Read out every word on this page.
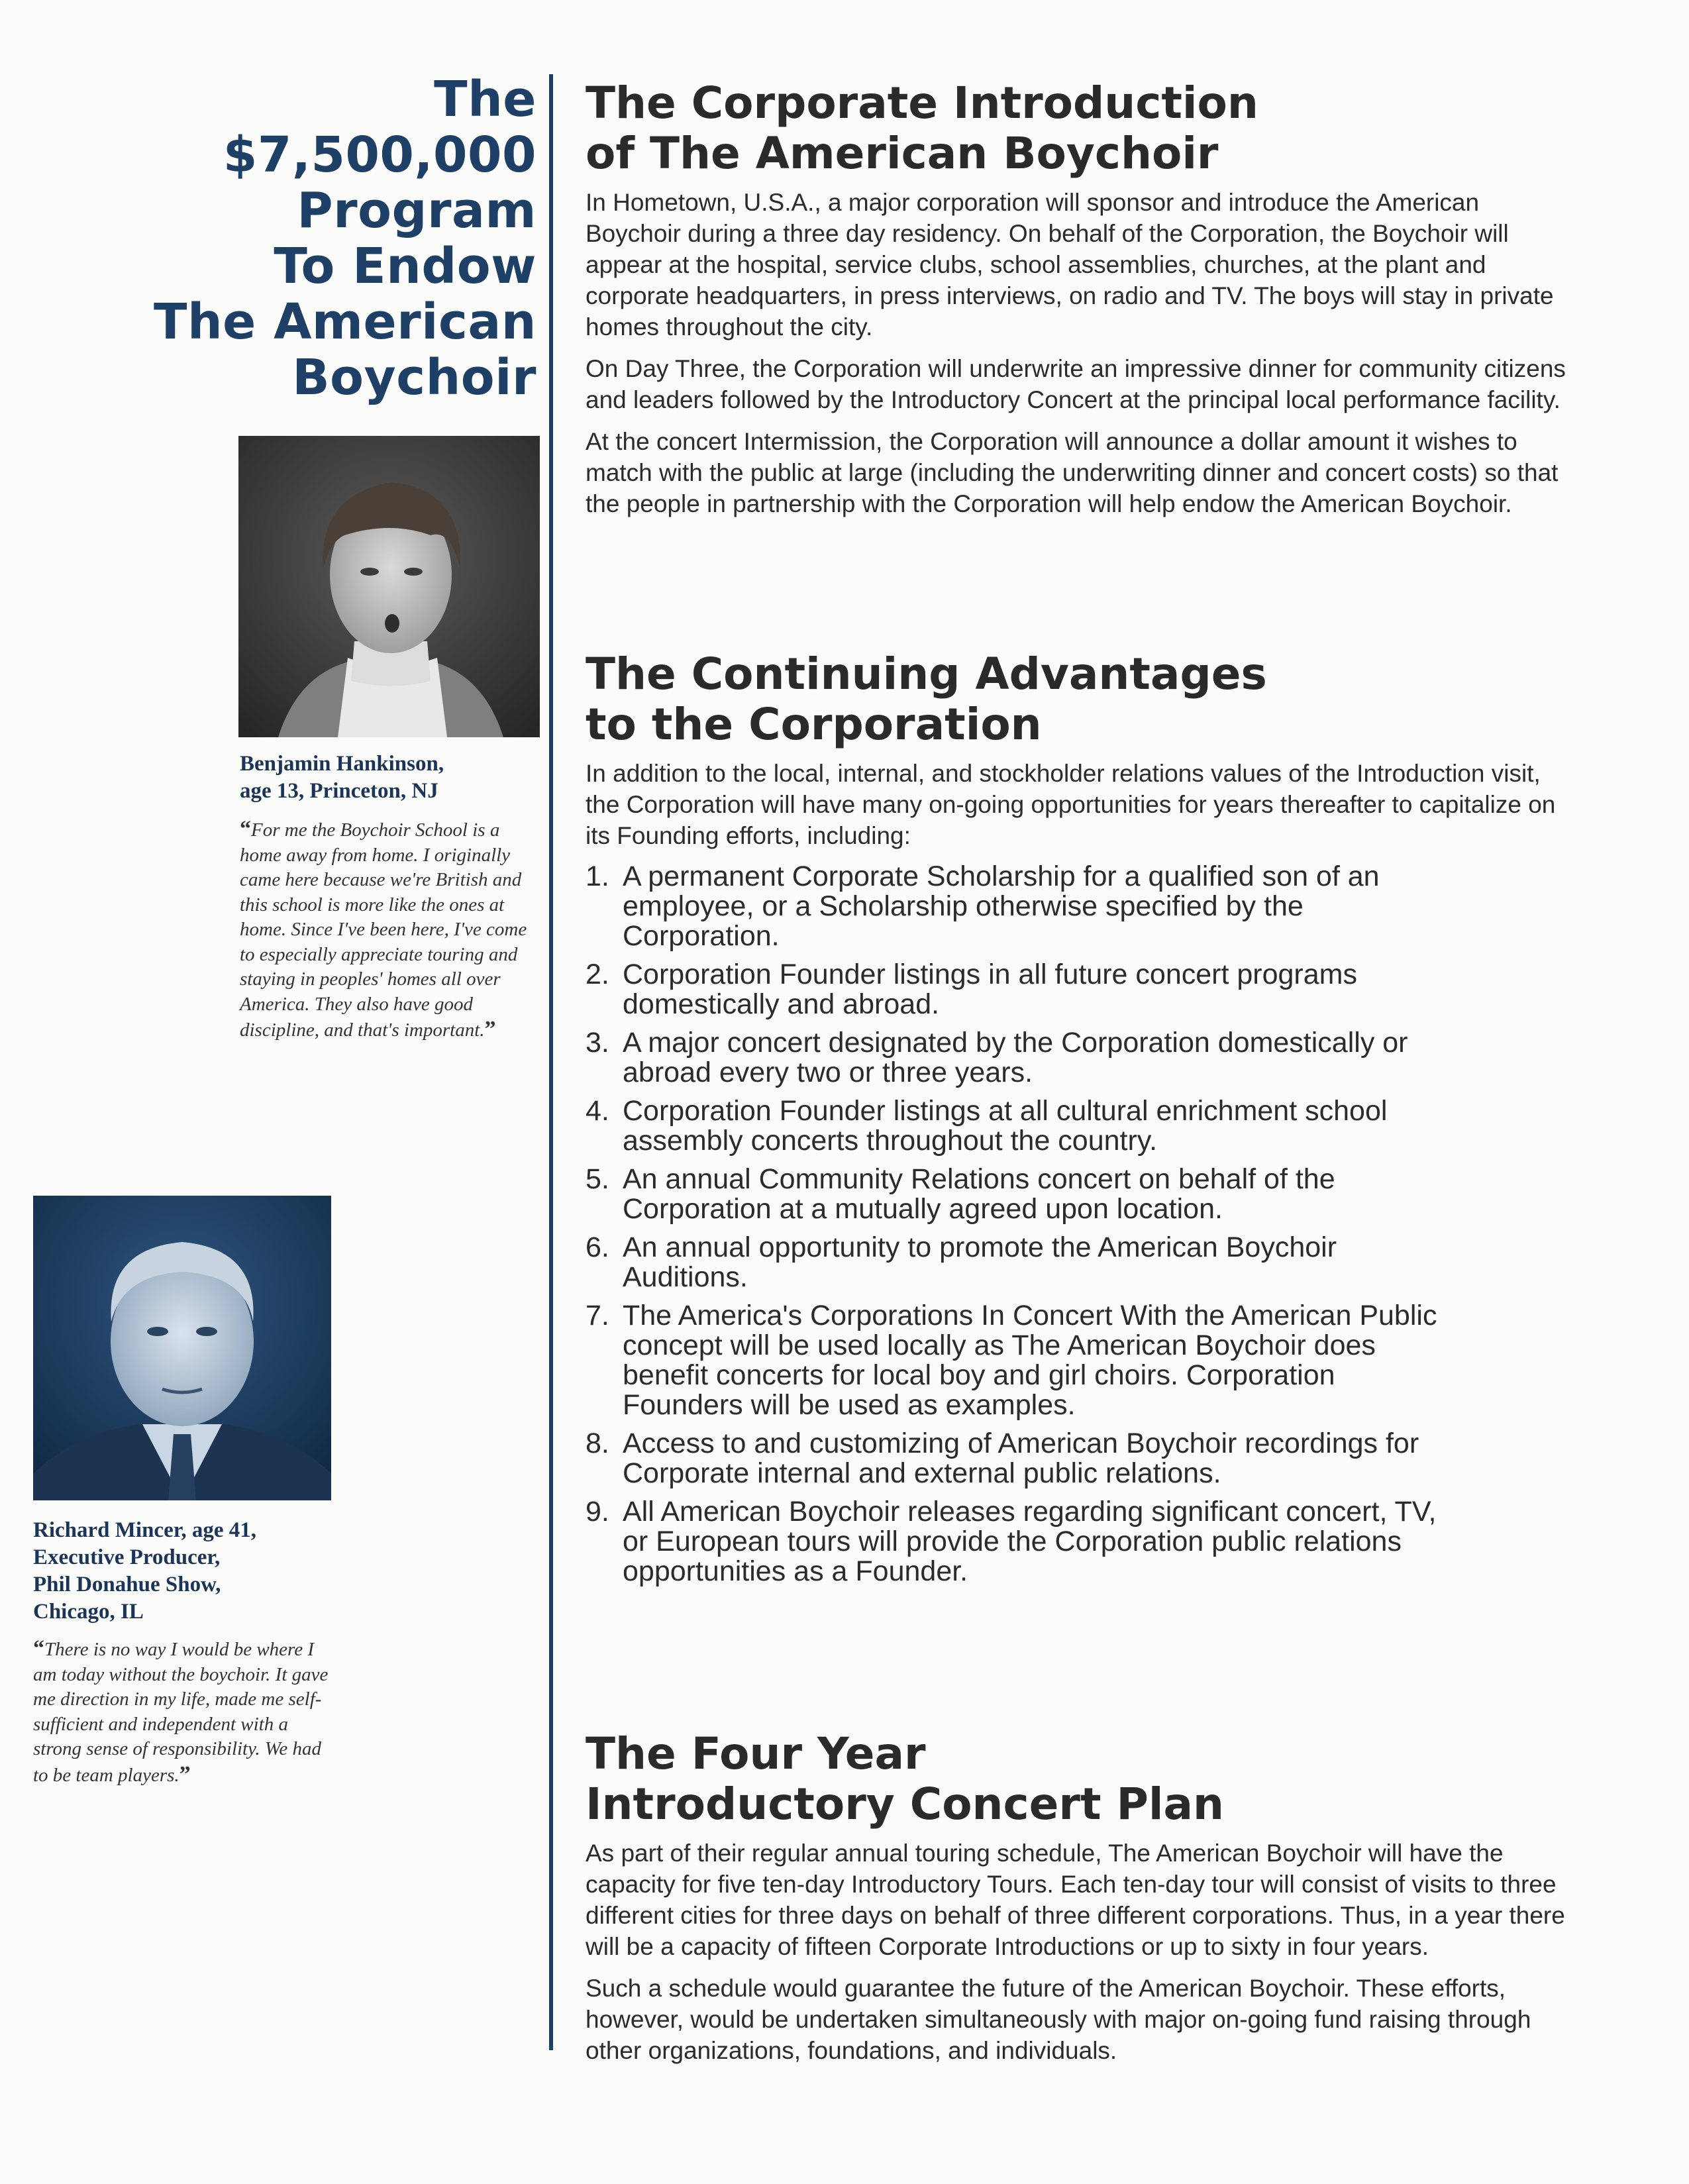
The
$7,500,000
Program
To Endow
The American
Boychoir

Benjamin Hankinson,
age 13, Princeton, NJ

“For me the Boychoir School is a home away from home. I originally came here because we're British and this school is more like the ones at home. Since I've been here, I've come to especially appreciate touring and staying in peoples' homes all over America. They also have good discipline, and that's important.”

Richard Mincer, age 41,
Executive Producer,
Phil Donahue Show,
Chicago, IL

“There is no way I would be where I am today without the boychoir. It gave me direction in my life, made me self-sufficient and independent with a strong sense of responsibility. We had to be team players.”

The Corporate Introduction
of The American Boychoir

In Hometown, U.S.A., a major corporation will sponsor and introduce the American Boychoir during a three day residency. On behalf of the Corporation, the Boychoir will appear at the hospital, service clubs, school assemblies, churches, at the plant and corporate headquarters, in press interviews, on radio and TV. The boys will stay in private homes throughout the city.

On Day Three, the Corporation will underwrite an impressive dinner for community citizens and leaders followed by the Introductory Concert at the principal local performance facility.

At the concert Intermission, the Corporation will announce a dollar amount it wishes to match with the public at large (including the underwriting dinner and concert costs) so that the people in partnership with the Corporation will help endow the American Boychoir.

The Continuing Advantages
to the Corporation

In addition to the local, internal, and stockholder relations values of the Introduction visit, the Corporation will have many on-going opportunities for years thereafter to capitalize on its Founding efforts, including:

1. A permanent Corporate Scholarship for a qualified son of an employee, or a Scholarship otherwise specified by the Corporation.
2. Corporation Founder listings in all future concert programs domestically and abroad.
3. A major concert designated by the Corporation domestically or abroad every two or three years.
4. Corporation Founder listings at all cultural enrichment school assembly concerts throughout the country.
5. An annual Community Relations concert on behalf of the Corporation at a mutually agreed upon location.
6. An annual opportunity to promote the American Boychoir Auditions.
7. The America's Corporations In Concert With the American Public concept will be used locally as The American Boychoir does benefit concerts for local boy and girl choirs. Corporation Founders will be used as examples.
8. Access to and customizing of American Boychoir recordings for Corporate internal and external public relations.
9. All American Boychoir releases regarding significant concert, TV, or European tours will provide the Corporation public relations opportunities as a Founder.
The Four Year
Introductory Concert Plan

As part of their regular annual touring schedule, The American Boychoir will have the capacity for five ten-day Introductory Tours. Each ten-day tour will consist of visits to three different cities for three days on behalf of three different corporations. Thus, in a year there will be a capacity of fifteen Corporate Introductions or up to sixty in four years.

Such a schedule would guarantee the future of the American Boychoir. These efforts, however, would be undertaken simultaneously with major on-going fund raising through other organizations, foundations, and individuals.
